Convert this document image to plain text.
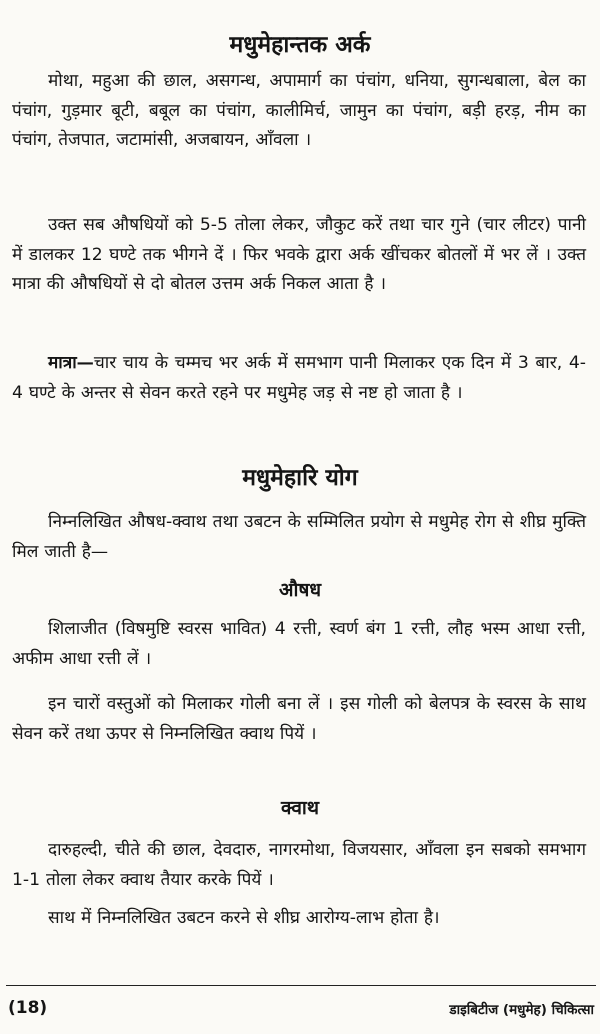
मधुमेहान्तक अर्क

मोथा, महुआ की छाल, असगन्ध, अपामार्ग का पंचांग, धनिया, सुगन्धबाला, बेल का पंचांग, गुड़मार बूटी, बबूल का पंचांग, कालीमिर्च, जामुन का पंचांग, बड़ी हरड़, नीम का पंचांग, तेजपात, जटामांसी, अजबायन, आँवला ।

उक्त सब औषधियों को 5-5 तोला लेकर, जौकुट करें तथा चार गुने (चार लीटर) पानी में डालकर 12 घण्टे तक भीगने दें । फिर भवके द्वारा अर्क खींचकर बोतलों में भर लें । उक्त मात्रा की औषधियों से दो बोतल उत्तम अर्क निकल आता है ।

मात्रा—चार चाय के चम्मच भर अर्क में समभाग पानी मिलाकर एक दिन में 3 बार, 4-4 घण्टे के अन्तर से सेवन करते रहने पर मधुमेह जड़ से नष्ट हो जाता है ।

मधुमेहारि योग

निम्नलिखित औषध-क्वाथ तथा उबटन के सम्मिलित प्रयोग से मधुमेह रोग से शीघ्र मुक्ति मिल जाती है—

औषध

शिलाजीत (विषमुष्टि स्वरस भावित) 4 रत्ती, स्वर्ण बंग 1 रत्ती, लौह भस्म आधा रत्ती, अफीम आधा रत्ती लें ।

इन चारों वस्तुओं को मिलाकर गोली बना लें । इस गोली को बेलपत्र के स्वरस के साथ सेवन करें तथा ऊपर से निम्नलिखित क्वाथ पियें ।

क्वाथ

दारुहल्दी, चीते की छाल, देवदारु, नागरमोथा, विजयसार, आँवला इन सबको समभाग 1-1 तोला लेकर क्वाथ तैयार करके पियें ।

साथ में निम्नलिखित उबटन करने से शीघ्र आरोग्य-लाभ होता है।

(18)	डाइबिटीज (मधुमेह) चिकित्सा
